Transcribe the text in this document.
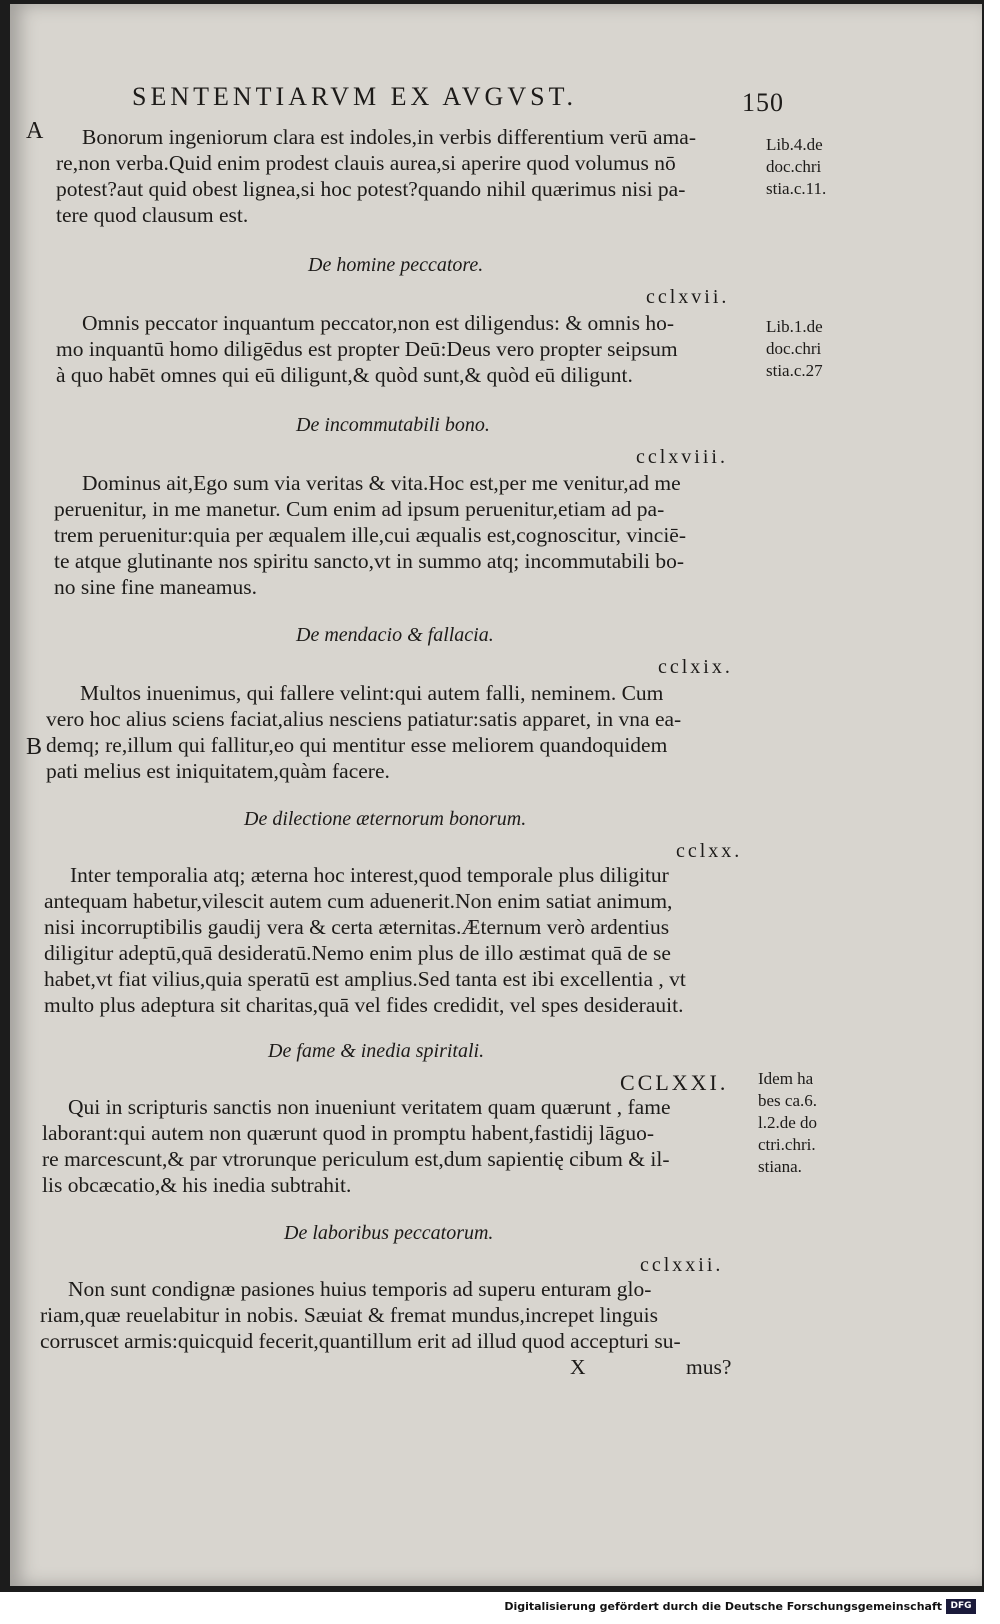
SENTENTIARVM EX AVGVST.	150
A
B
Bonorum ingeniorum clara est indoles,in verbis differentium verū ama-
re,non verba.Quid enim prodest clauis aurea,si aperire quod volumus nō
potest?aut quid obest lignea,si hoc potest?quando nihil quærimus nisi pa-
tere quod clausum est.
Lib.4.de
doc.chri
stia.c.11.
De homine peccatore.
cclxvii.
Omnis peccator inquantum peccator,non est diligendus: & omnis ho-
mo inquantū homo diligēdus est propter Deū:Deus vero propter seipsum
à quo habēt omnes qui eū diligunt,& quòd sunt,& quòd eū diligunt.
Lib.1.de
doc.chri
stia.c.27
De incommutabili bono.
cclxviii.
Dominus ait,Ego sum via veritas & vita.Hoc est,per me venitur,ad me
peruenitur, in me manetur. Cum enim ad ipsum peruenitur,etiam ad pa-
trem peruenitur:quia per æqualem ille,cui æqualis est,cognoscitur, vinciē-
te atque glutinante nos spiritu sancto,vt in summo atq; incommutabili bo-
no sine fine maneamus.
De mendacio & fallacia.
cclxix.
Multos inuenimus, qui fallere velint:qui autem falli, neminem. Cum
vero hoc alius sciens faciat,alius nesciens patiatur:satis apparet, in vna ea-
demq; re,illum qui fallitur,eo qui mentitur esse meliorem quandoquidem
pati melius est iniquitatem,quàm facere.
De dilectione æternorum bonorum.
cclxx.
Inter temporalia atq; æterna hoc interest,quod temporale plus diligitur
antequam habetur,vilescit autem cum aduenerit.Non enim satiat animum,
nisi incorruptibilis gaudij vera & certa æternitas.Æternum verò ardentius
diligitur adeptū,quā desideratū.Nemo enim plus de illo æstimat quā de se
habet,vt fiat vilius,quia speratū est amplius.Sed tanta est ibi excellentia , vt
multo plus adeptura sit charitas,quā vel fides credidit, vel spes desiderauit.
De fame & inedia spiritali.
CCLXXI.
Qui in scripturis sanctis non inueniunt veritatem quam quærunt , fame
laborant:qui autem non quærunt quod in promptu habent,fastidij lāguo-
re marcescunt,& par vtrorunque periculum est,dum sapientię cibum & il-
lis obcæcatio,& his inedia subtrahit.
Idem ha
bes ca.6.
l.2.de do
ctri.chri.
stiana.
De laboribus peccatorum.
cclxxii.
Non sunt condignæ pasiones huius temporis ad superu enturam glo-
riam,quæ reuelabitur in nobis. Sæuiat & fremat mundus,increpet linguis
corruscet armis:quicquid fecerit,quantillum erit ad illud quod accepturi su-
X	mus?
Digitalisierung gefördert durch die Deutsche Forschungsgemeinschaft DFG
